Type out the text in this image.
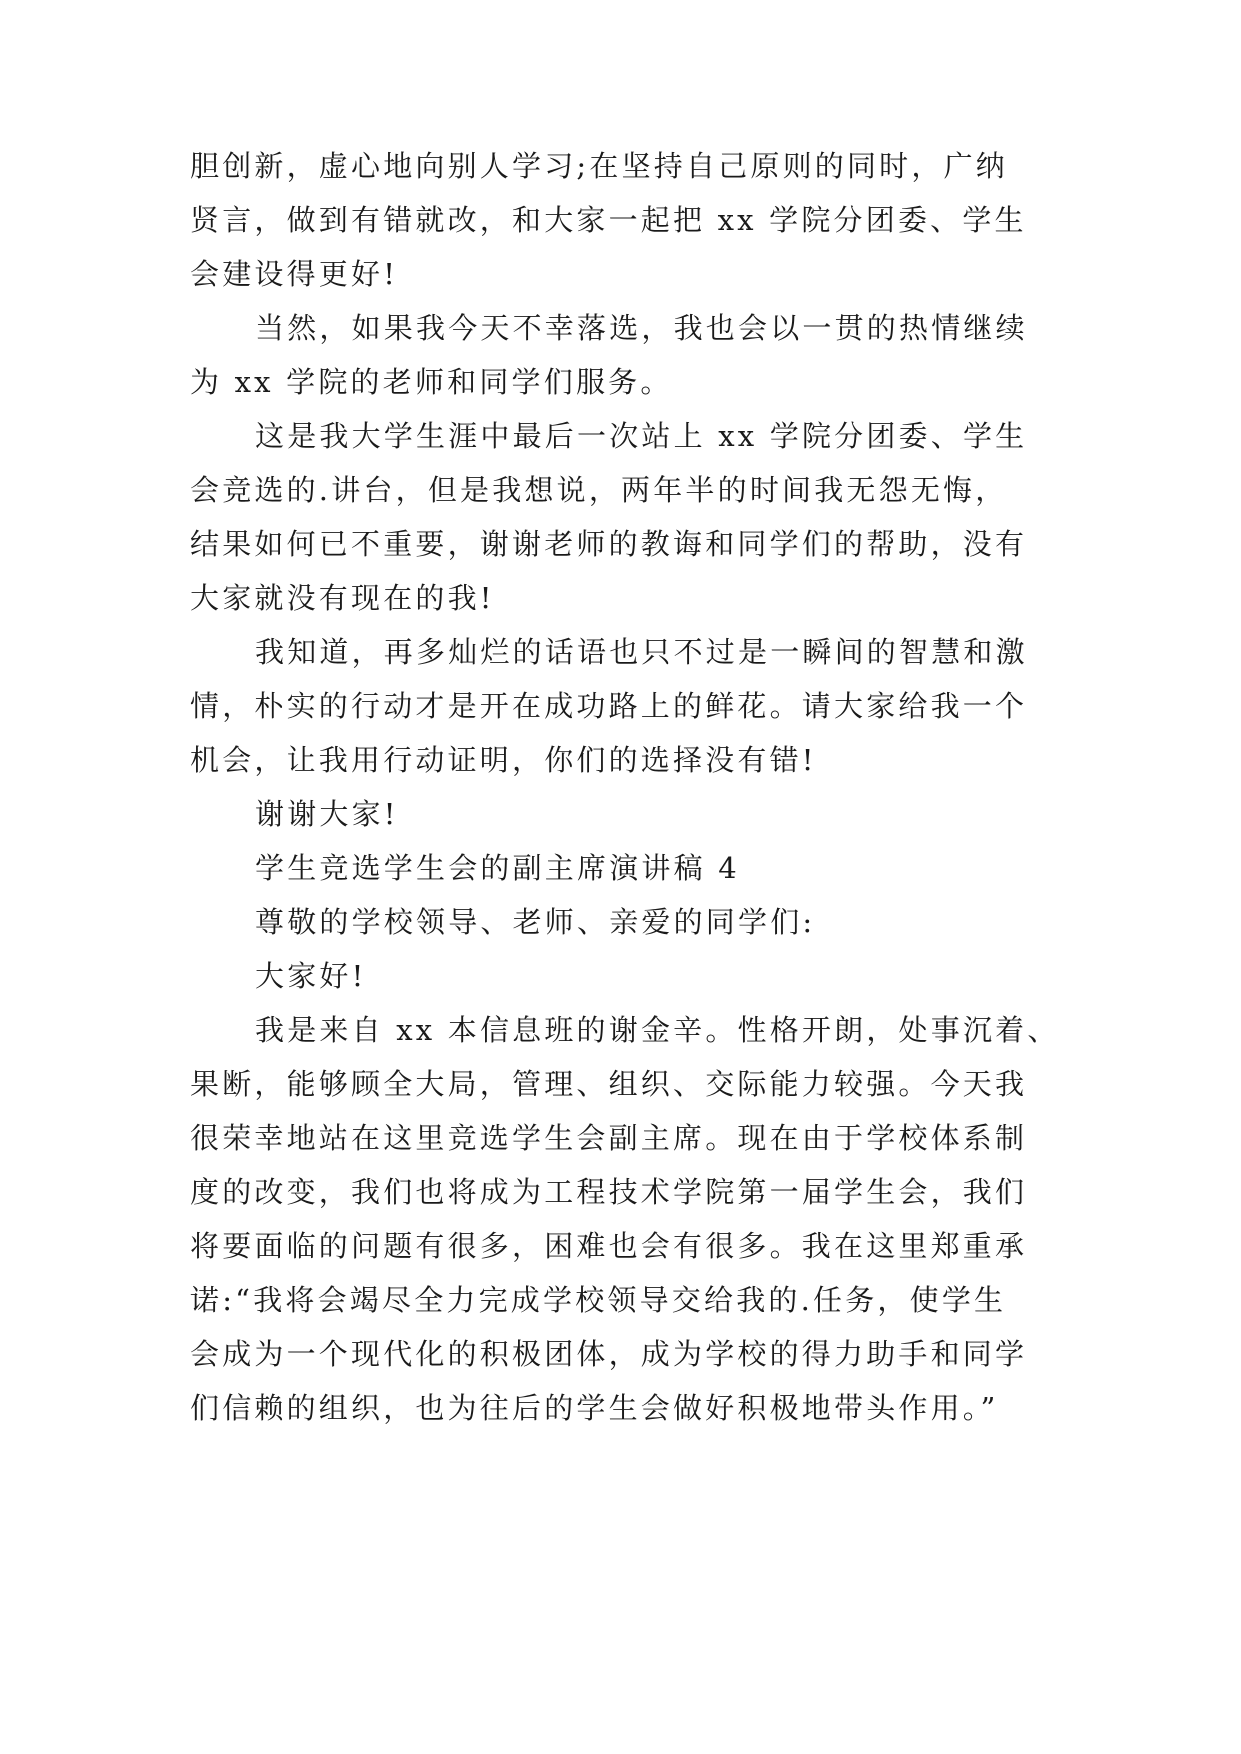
胆创新，虚心地向别人学习;在坚持自己原则的同时，广纳
贤言，做到有错就改，和大家一起把 xx 学院分团委、学生
会建设得更好!
当然，如果我今天不幸落选，我也会以一贯的热情继续
为 xx 学院的老师和同学们服务。
这是我大学生涯中最后一次站上 xx 学院分团委、学生
会竞选的.讲台，但是我想说，两年半的时间我无怨无悔，
结果如何已不重要，谢谢老师的教诲和同学们的帮助，没有
大家就没有现在的我!
我知道，再多灿烂的话语也只不过是一瞬间的智慧和激
情，朴实的行动才是开在成功路上的鲜花。请大家给我一个
机会，让我用行动证明，你们的选择没有错!
谢谢大家!
学生竞选学生会的副主席演讲稿 4
尊敬的学校领导、老师、亲爱的同学们:
大家好!
我是来自 xx 本信息班的谢金辛。性格开朗，处事沉着、
果断，能够顾全大局，管理、组织、交际能力较强。今天我
很荣幸地站在这里竞选学生会副主席。现在由于学校体系制
度的改变，我们也将成为工程技术学院第一届学生会，我们
将要面临的问题有很多，困难也会有很多。我在这里郑重承
诺:“我将会竭尽全力完成学校领导交给我的.任务，使学生
会成为一个现代化的积极团体，成为学校的得力助手和同学
们信赖的组织，也为往后的学生会做好积极地带头作用。”
